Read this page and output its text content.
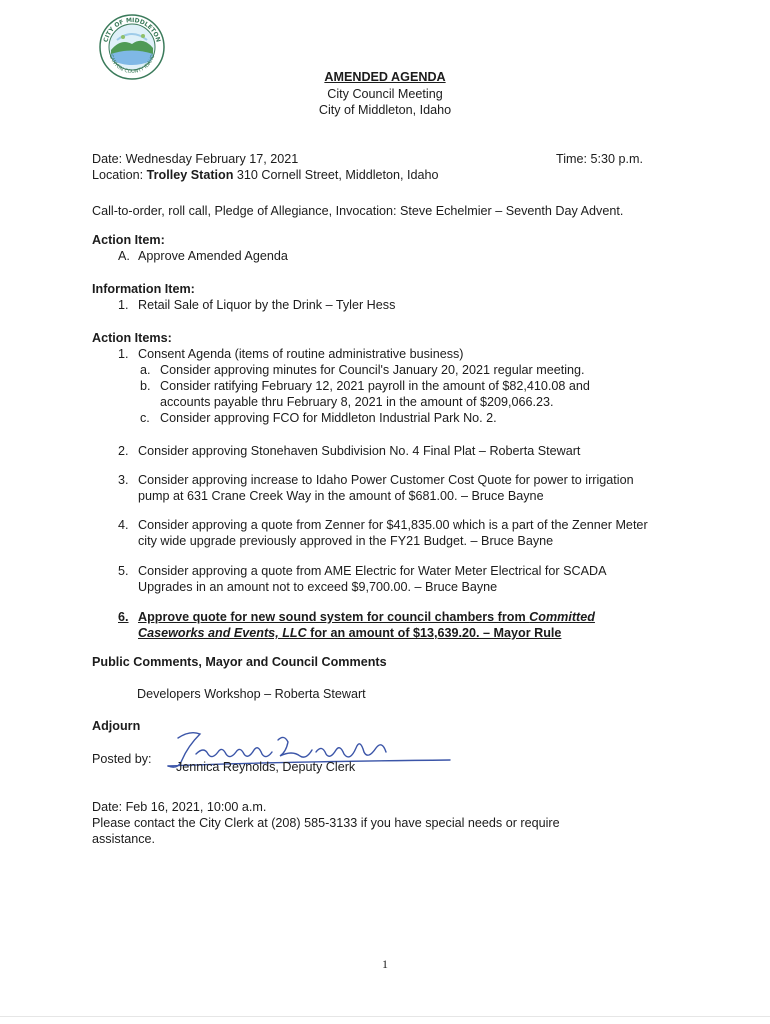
CITY OF MIDDLETON
CANYON COUNTY IDAHO
AMENDED AGENDA
City Council Meeting
City of Middleton, Idaho
Date: Wednesday February 17, 2021	Time: 5:30 p.m.
Location: Trolley Station 310 Cornell Street, Middleton, Idaho
Call-to-order, roll call, Pledge of Allegiance, Invocation: Steve Echelmier – Seventh Day Advent.
Action Item:
A. Approve Amended Agenda
Information Item:
1. Retail Sale of Liquor by the Drink – Tyler Hess
Action Items:
1. Consent Agenda (items of routine administrative business)
a. Consider approving minutes for Council's January 20, 2021 regular meeting.
b. Consider ratifying February 12, 2021 payroll in the amount of $82,410.08 and accounts payable thru February 8, 2021 in the amount of $209,066.23.
c. Consider approving FCO for Middleton Industrial Park No. 2.
2. Consider approving Stonehaven Subdivision No. 4 Final Plat – Roberta Stewart
3. Consider approving increase to Idaho Power Customer Cost Quote for power to irrigation pump at 631 Crane Creek Way in the amount of $681.00. – Bruce Bayne
4. Consider approving a quote from Zenner for $41,835.00 which is a part of the Zenner Meter city wide upgrade previously approved in the FY21 Budget. – Bruce Bayne
5. Consider approving a quote from AME Electric for Water Meter Electrical for SCADA Upgrades in an amount not to exceed $9,700.00. – Bruce Bayne
6. Approve quote for new sound system for council chambers from Committed Caseworks and Events, LLC for an amount of $13,639.20. – Mayor Rule
Public Comments, Mayor and Council Comments
Developers Workshop – Roberta Stewart
Adjourn
Posted by:
Jennica Reynolds, Deputy Clerk
Date: Feb 16, 2021, 10:00 a.m.
Please contact the City Clerk at (208) 585-3133 if you have special needs or require assistance.
1
